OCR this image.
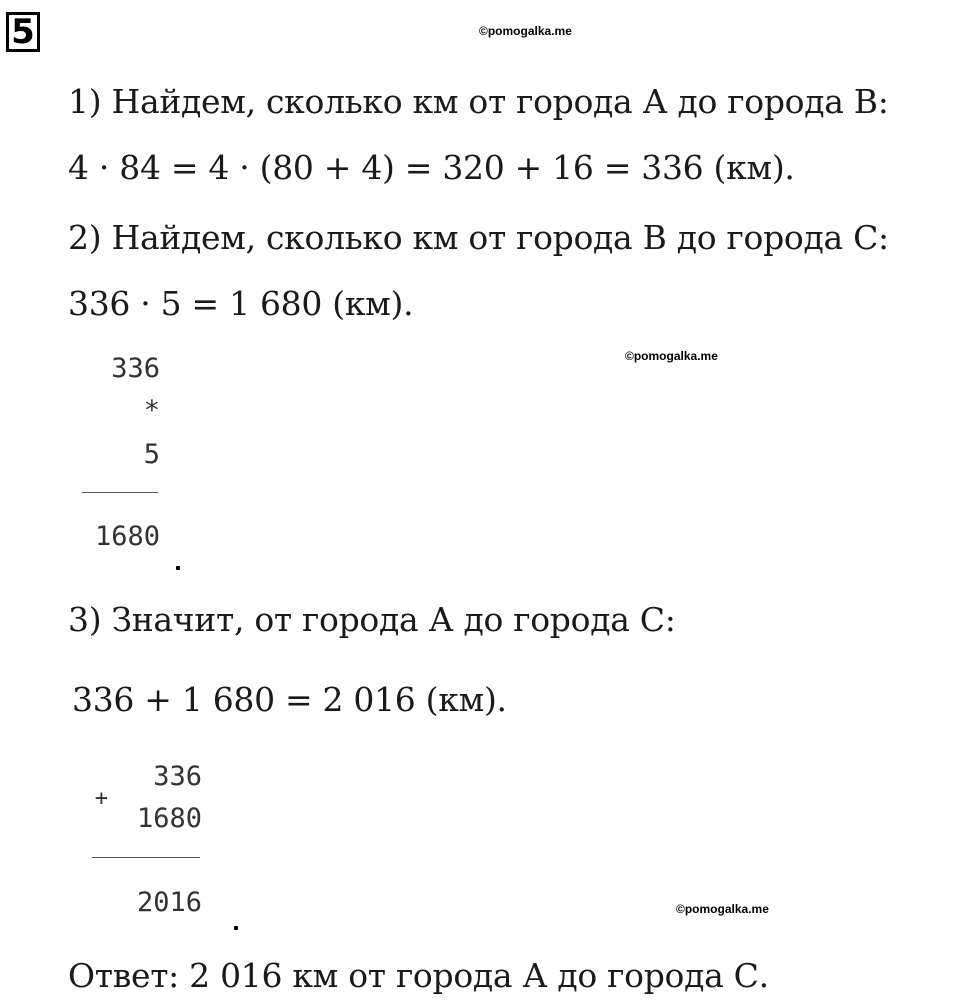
5	©pomogalka.me
1) Найдем, сколько км от города А до города В:
4 · 84 = 4 · (80 + 4) = 320 + 16 = 336 (км).
2) Найдем, сколько км от города В до города С:
336 · 5 = 1 680 (км).
©pomogalka.me
336
*
5
1680
3) Значит, от города А до города С:
336 + 1 680 = 2 016 (км).
+
336
1680
2016	©pomogalka.me
Ответ: 2 016 км от города А до города С.
